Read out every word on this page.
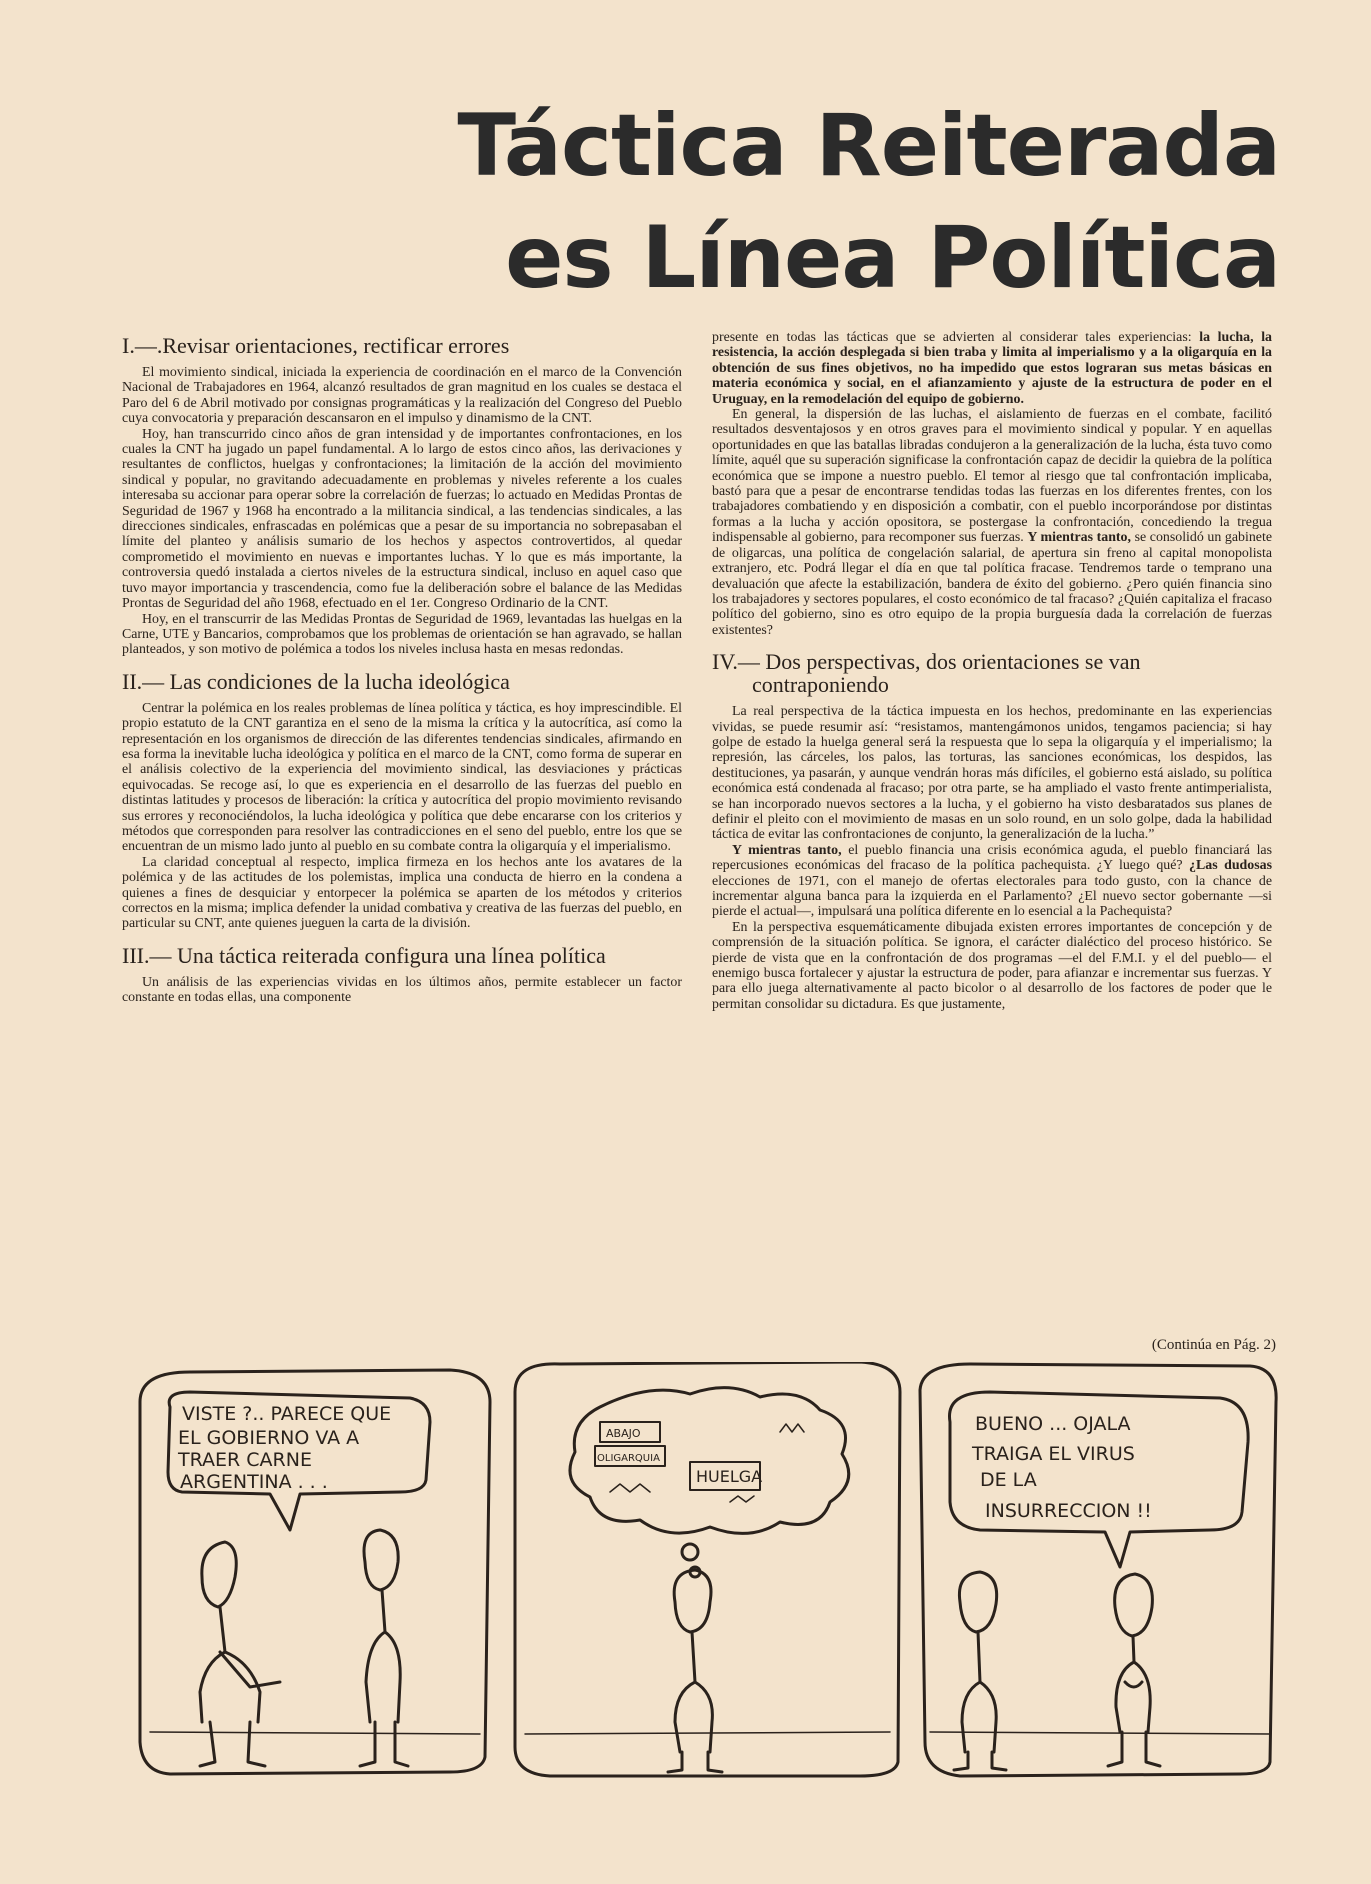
Táctica Reiterada
es Línea Política
I.—.Revisar orientaciones, rectificar errores

El movimiento sindical, iniciada la experiencia de coordinación en el marco de la Convención Nacional de Trabajadores en 1964, alcanzó resultados de gran magnitud en los cuales se destaca el Paro del 6 de Abril motivado por consignas programáticas y la realización del Congreso del Pueblo cuya convocatoria y preparación descansaron en el impulso y dinamismo de la CNT.

Hoy, han transcurrido cinco años de gran intensidad y de importantes confrontaciones, en los cuales la CNT ha jugado un papel fundamental. A lo largo de estos cinco años, las derivaciones y resultantes de conflictos, huelgas y confrontaciones; la limitación de la acción del movimiento sindical y popular, no gravitando adecuadamente en problemas y niveles referente a los cuales interesaba su accionar para operar sobre la correlación de fuerzas; lo actuado en Medidas Prontas de Seguridad de 1967 y 1968 ha encontrado a la militancia sindical, a las tendencias sindicales, a las direcciones sindicales, enfrascadas en polémicas que a pesar de su importancia no sobrepasaban el límite del planteo y análisis sumario de los hechos y aspectos controvertidos, al quedar comprometido el movimiento en nuevas e importantes luchas. Y lo que es más importante, la controversia quedó instalada a ciertos niveles de la estructura sindical, incluso en aquel caso que tuvo mayor importancia y trascendencia, como fue la deliberación sobre el balance de las Medidas Prontas de Seguridad del año 1968, efectuado en el 1er. Congreso Ordinario de la CNT.

Hoy, en el transcurrir de las Medidas Prontas de Seguridad de 1969, levantadas las huelgas en la Carne, UTE y Bancarios, comprobamos que los problemas de orientación se han agravado, se hallan planteados, y son motivo de polémica a todos los niveles inclusa hasta en mesas redondas.

II.— Las condiciones de la lucha ideológica

Centrar la polémica en los reales problemas de línea política y táctica, es hoy imprescindible. El propio estatuto de la CNT garantiza en el seno de la misma la crítica y la autocrítica, así como la representación en los organismos de dirección de las diferentes tendencias sindicales, afirmando en esa forma la inevitable lucha ideológica y política en el marco de la CNT, como forma de superar en el análisis colectivo de la experiencia del movimiento sindical, las desviaciones y prácticas equivocadas. Se recoge así, lo que es experiencia en el desarrollo de las fuerzas del pueblo en distintas latitudes y procesos de liberación: la crítica y autocrítica del propio movimiento revisando sus errores y reconociéndolos, la lucha ideológica y política que debe encararse con los criterios y métodos que corresponden para resolver las contradicciones en el seno del pueblo, entre los que se encuentran de un mismo lado junto al pueblo en su combate contra la oligarquía y el imperialismo.

La claridad conceptual al respecto, implica firmeza en los hechos ante los avatares de la polémica y de las actitudes de los polemistas, implica una conducta de hierro en la condena a quienes a fines de desquiciar y entorpecer la polémica se aparten de los métodos y criterios correctos en la misma; implica defender la unidad combativa y creativa de las fuerzas del pueblo, en particular su CNT, ante quienes jueguen la carta de la división.

III.— Una táctica reiterada configura una línea política

Un análisis de las experiencias vividas en los últimos años, permite establecer un factor constante en todas ellas, una componente

presente en todas las tácticas que se advierten al considerar tales experiencias: la lucha, la resistencia, la acción desplegada si bien traba y limita al imperialismo y a la oligarquía en la obtención de sus fines objetivos, no ha impedido que estos lograran sus metas básicas en materia económica y social, en el afianzamiento y ajuste de la estructura de poder en el Uruguay, en la remodelación del equipo de gobierno.

En general, la dispersión de las luchas, el aislamiento de fuerzas en el combate, facilitó resultados desventajosos y en otros graves para el movimiento sindical y popular. Y en aquellas oportunidades en que las batallas libradas condujeron a la generalización de la lucha, ésta tuvo como límite, aquél que su superación significase la confrontación capaz de decidir la quiebra de la política económica que se impone a nuestro pueblo. El temor al riesgo que tal confrontación implicaba, bastó para que a pesar de encontrarse tendidas todas las fuerzas en los diferentes frentes, con los trabajadores combatiendo y en disposición a combatir, con el pueblo incorporándose por distintas formas a la lucha y acción opositora, se postergase la confrontación, concediendo la tregua indispensable al gobierno, para recomponer sus fuerzas. Y mientras tanto, se consolidó un gabinete de oligarcas, una política de congelación salarial, de apertura sin freno al capital monopolista extranjero, etc. Podrá llegar el día en que tal política fracase. Tendremos tarde o temprano una devaluación que afecte la estabilización, bandera de éxito del gobierno. ¿Pero quién financia sino los trabajadores y sectores populares, el costo económico de tal fracaso? ¿Quién capitaliza el fracaso político del gobierno, sino es otro equipo de la propia burguesía dada la correlación de fuerzas existentes?

IV.— Dos perspectivas, dos orientaciones se van contraponiendo

La real perspectiva de la táctica impuesta en los hechos, predominante en las experiencias vividas, se puede resumir así: “resistamos, mantengámonos unidos, tengamos paciencia; si hay golpe de estado la huelga general será la respuesta que lo sepa la oligarquía y el imperialismo; la represión, las cárceles, los palos, las torturas, las sanciones económicas, los despidos, las destituciones, ya pasarán, y aunque vendrán horas más difíciles, el gobierno está aislado, su política económica está condenada al fracaso; por otra parte, se ha ampliado el vasto frente antimperialista, se han incorporado nuevos sectores a la lucha, y el gobierno ha visto desbaratados sus planes de definir el pleito con el movimiento de masas en un solo round, en un solo golpe, dada la habilidad táctica de evitar las confrontaciones de conjunto, la generalización de la lucha.”

Y mientras tanto, el pueblo financia una crisis económica aguda, el pueblo financiará las repercusiones económicas del fracaso de la política pachequista. ¿Y luego qué? ¿Las dudosas elecciones de 1971, con el manejo de ofertas electorales para todo gusto, con la chance de incrementar alguna banca para la izquierda en el Parlamento? ¿El nuevo sector gobernante —si pierde el actual—, impulsará una política diferente en lo esencial a la Pachequista?

En la perspectiva esquemáticamente dibujada existen errores importantes de concepción y de comprensión de la situación política. Se ignora, el carácter dialéctico del proceso histórico. Se pierde de vista que en la confrontación de dos programas —el del F.M.I. y el del pueblo— el enemigo busca fortalecer y ajustar la estructura de poder, para afianzar e incrementar sus fuerzas. Y para ello juega alternativamente al pacto bicolor o al desarrollo de los factores de poder que le permitan consolidar su dictadura. Es que justamente,

(Continúa en Pág. 2)
VISTE ?.. PARECE QUE
EL GOBIERNO VA A
TRAER CARNE
ARGENTINA . . .
ABAJO
OLIGARQUIA
HUELGA
BUENO ... OJALA
TRAIGA EL VIRUS
DE LA
INSURRECCION !!
